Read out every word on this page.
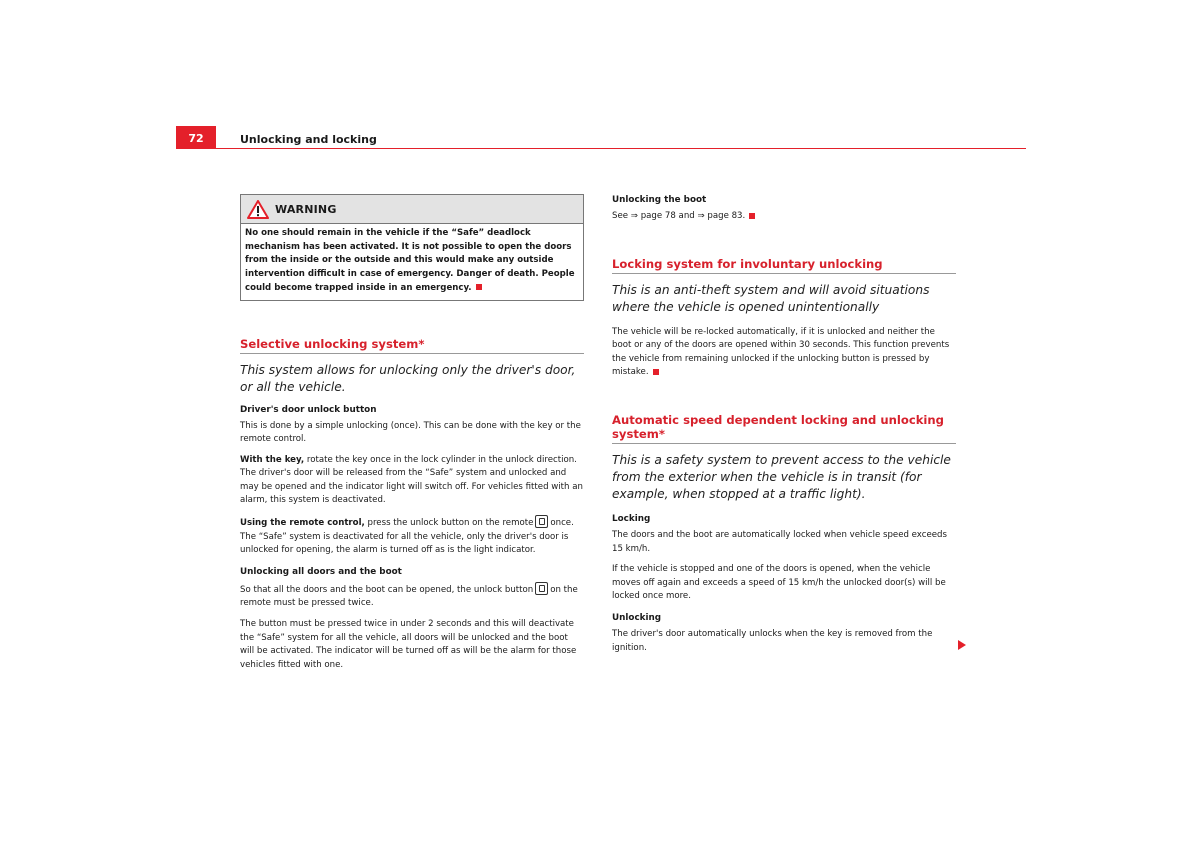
72	Unlocking and locking
WARNING
No one should remain in the vehicle if the “Safe” deadlock mechanism has been activated. It is not possible to open the doors from the inside or the outside and this would make any outside intervention difficult in case of emergency. Danger of death. People could become trapped inside in an emergency.
Selective unlocking system*

This system allows for unlocking only the driver's door, or all the vehicle.

Driver's door unlock button

This is done by a simple unlocking (once). This can be done with the key or the remote control.

With the key, rotate the key once in the lock cylinder in the unlock direction. The driver's door will be released from the “Safe” system and unlocked and may be opened and the indicator light will switch off. For vehicles fitted with an alarm, this system is deactivated.

Using the remote control, press the unlock button on the remote once. The “Safe” system is deactivated for all the vehicle, only the driver's door is unlocked for opening, the alarm is turned off as is the light indicator.

Unlocking all doors and the boot

So that all the doors and the boot can be opened, the unlock button on the remote must be pressed twice.

The button must be pressed twice in under 2 seconds and this will deactivate the “Safe” system for all the vehicle, all doors will be unlocked and the boot will be activated. The indicator will be turned off as will be the alarm for those vehicles fitted with one.

Unlocking the boot

See ⇒ page 78 and ⇒ page 83.

Locking system for involuntary unlocking

This is an anti-theft system and will avoid situations where the vehicle is opened unintentionally

The vehicle will be re-locked automatically, if it is unlocked and neither the boot or any of the doors are opened within 30 seconds. This function prevents the vehicle from remaining unlocked if the unlocking button is pressed by mistake.

Automatic speed dependent locking and unlocking system*

This is a safety system to prevent access to the vehicle from the exterior when the vehicle is in transit (for example, when stopped at a traffic light).

Locking

The doors and the boot are automatically locked when vehicle speed exceeds 15 km/h.

If the vehicle is stopped and one of the doors is opened, when the vehicle moves off again and exceeds a speed of 15 km/h the unlocked door(s) will be locked once more.

Unlocking

The driver's door automatically unlocks when the key is removed from the ignition.
